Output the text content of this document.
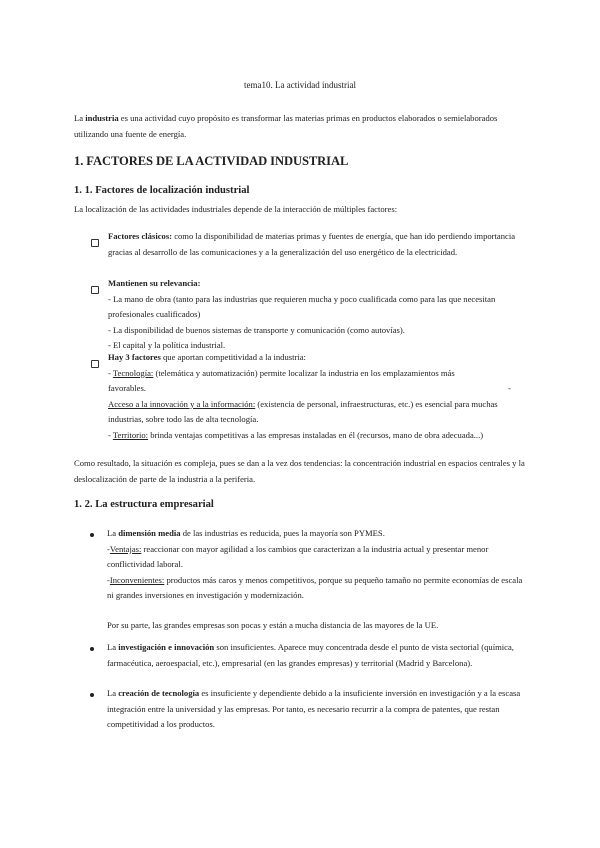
tema10. La actividad industrial
La industria es una actividad cuyo propósito es transformar las materias primas en productos elaborados o semielaborados utilizando una fuente de energía.
1. FACTORES DE LA ACTIVIDAD INDUSTRIAL
1. 1. Factores de localización industrial
La localización de las actividades industriales depende de la interacción de múltiples factores:
Factores clásicos: como la disponibilidad de materias primas y fuentes de energía, que han ido perdiendo importancia gracias al desarrollo de las comunicaciones y a la generalización del uso energético de la electricidad.
Mantienen su relevancia:
- La mano de obra (tanto para las industrias que requieren mucha y poco cualificada como para las que necesitan profesionales cualificados)
- La disponibilidad de buenos sistemas de transporte y comunicación (como autovías).
- El capital y la política industrial.
Hay 3 factores que aportan competitividad a la industria:
- Tecnología: (telemática y automatización) permite localizar la industria en los emplazamientos más favorables.
Acceso a la innovación y a la información: (existencia de personal, infraestructuras, etc.) es esencial para muchas industrias, sobre todo las de alta tecnología.
- Territorio: brinda ventajas competitivas a las empresas instaladas en él (recursos, mano de obra adecuada...)
-
Como resultado, la situación es compleja, pues se dan a la vez dos tendencias: la concentración industrial en espacios centrales y la deslocalización de parte de la industria a la periferia.
1. 2. La estructura empresarial
La dimensión media de las industrias es reducida, pues la mayoría son PYMES.
-Ventajas: reaccionar con mayor agilidad a los cambios que caracterizan a la industria actual y presentar menor conflictividad laboral.
-Inconvenientes: productos más caros y menos competitivos, porque su pequeño tamaño no permite economías de escala ni grandes inversiones en investigación y modernización.
Por su parte, las grandes empresas son pocas y están a mucha distancia de las mayores de la UE.
La investigación e innovación son insuficientes. Aparece muy concentrada desde el punto de vista sectorial (química, farmacéutica, aeroespacial, etc.), empresarial (en las grandes empresas) y territorial (Madrid y Barcelona).
La creación de tecnología es insuficiente y dependiente debido a la insuficiente inversión en investigación y a la escasa integración entre la universidad y las empresas. Por tanto, es necesario recurrir a la compra de patentes, que restan competitividad a los productos.
